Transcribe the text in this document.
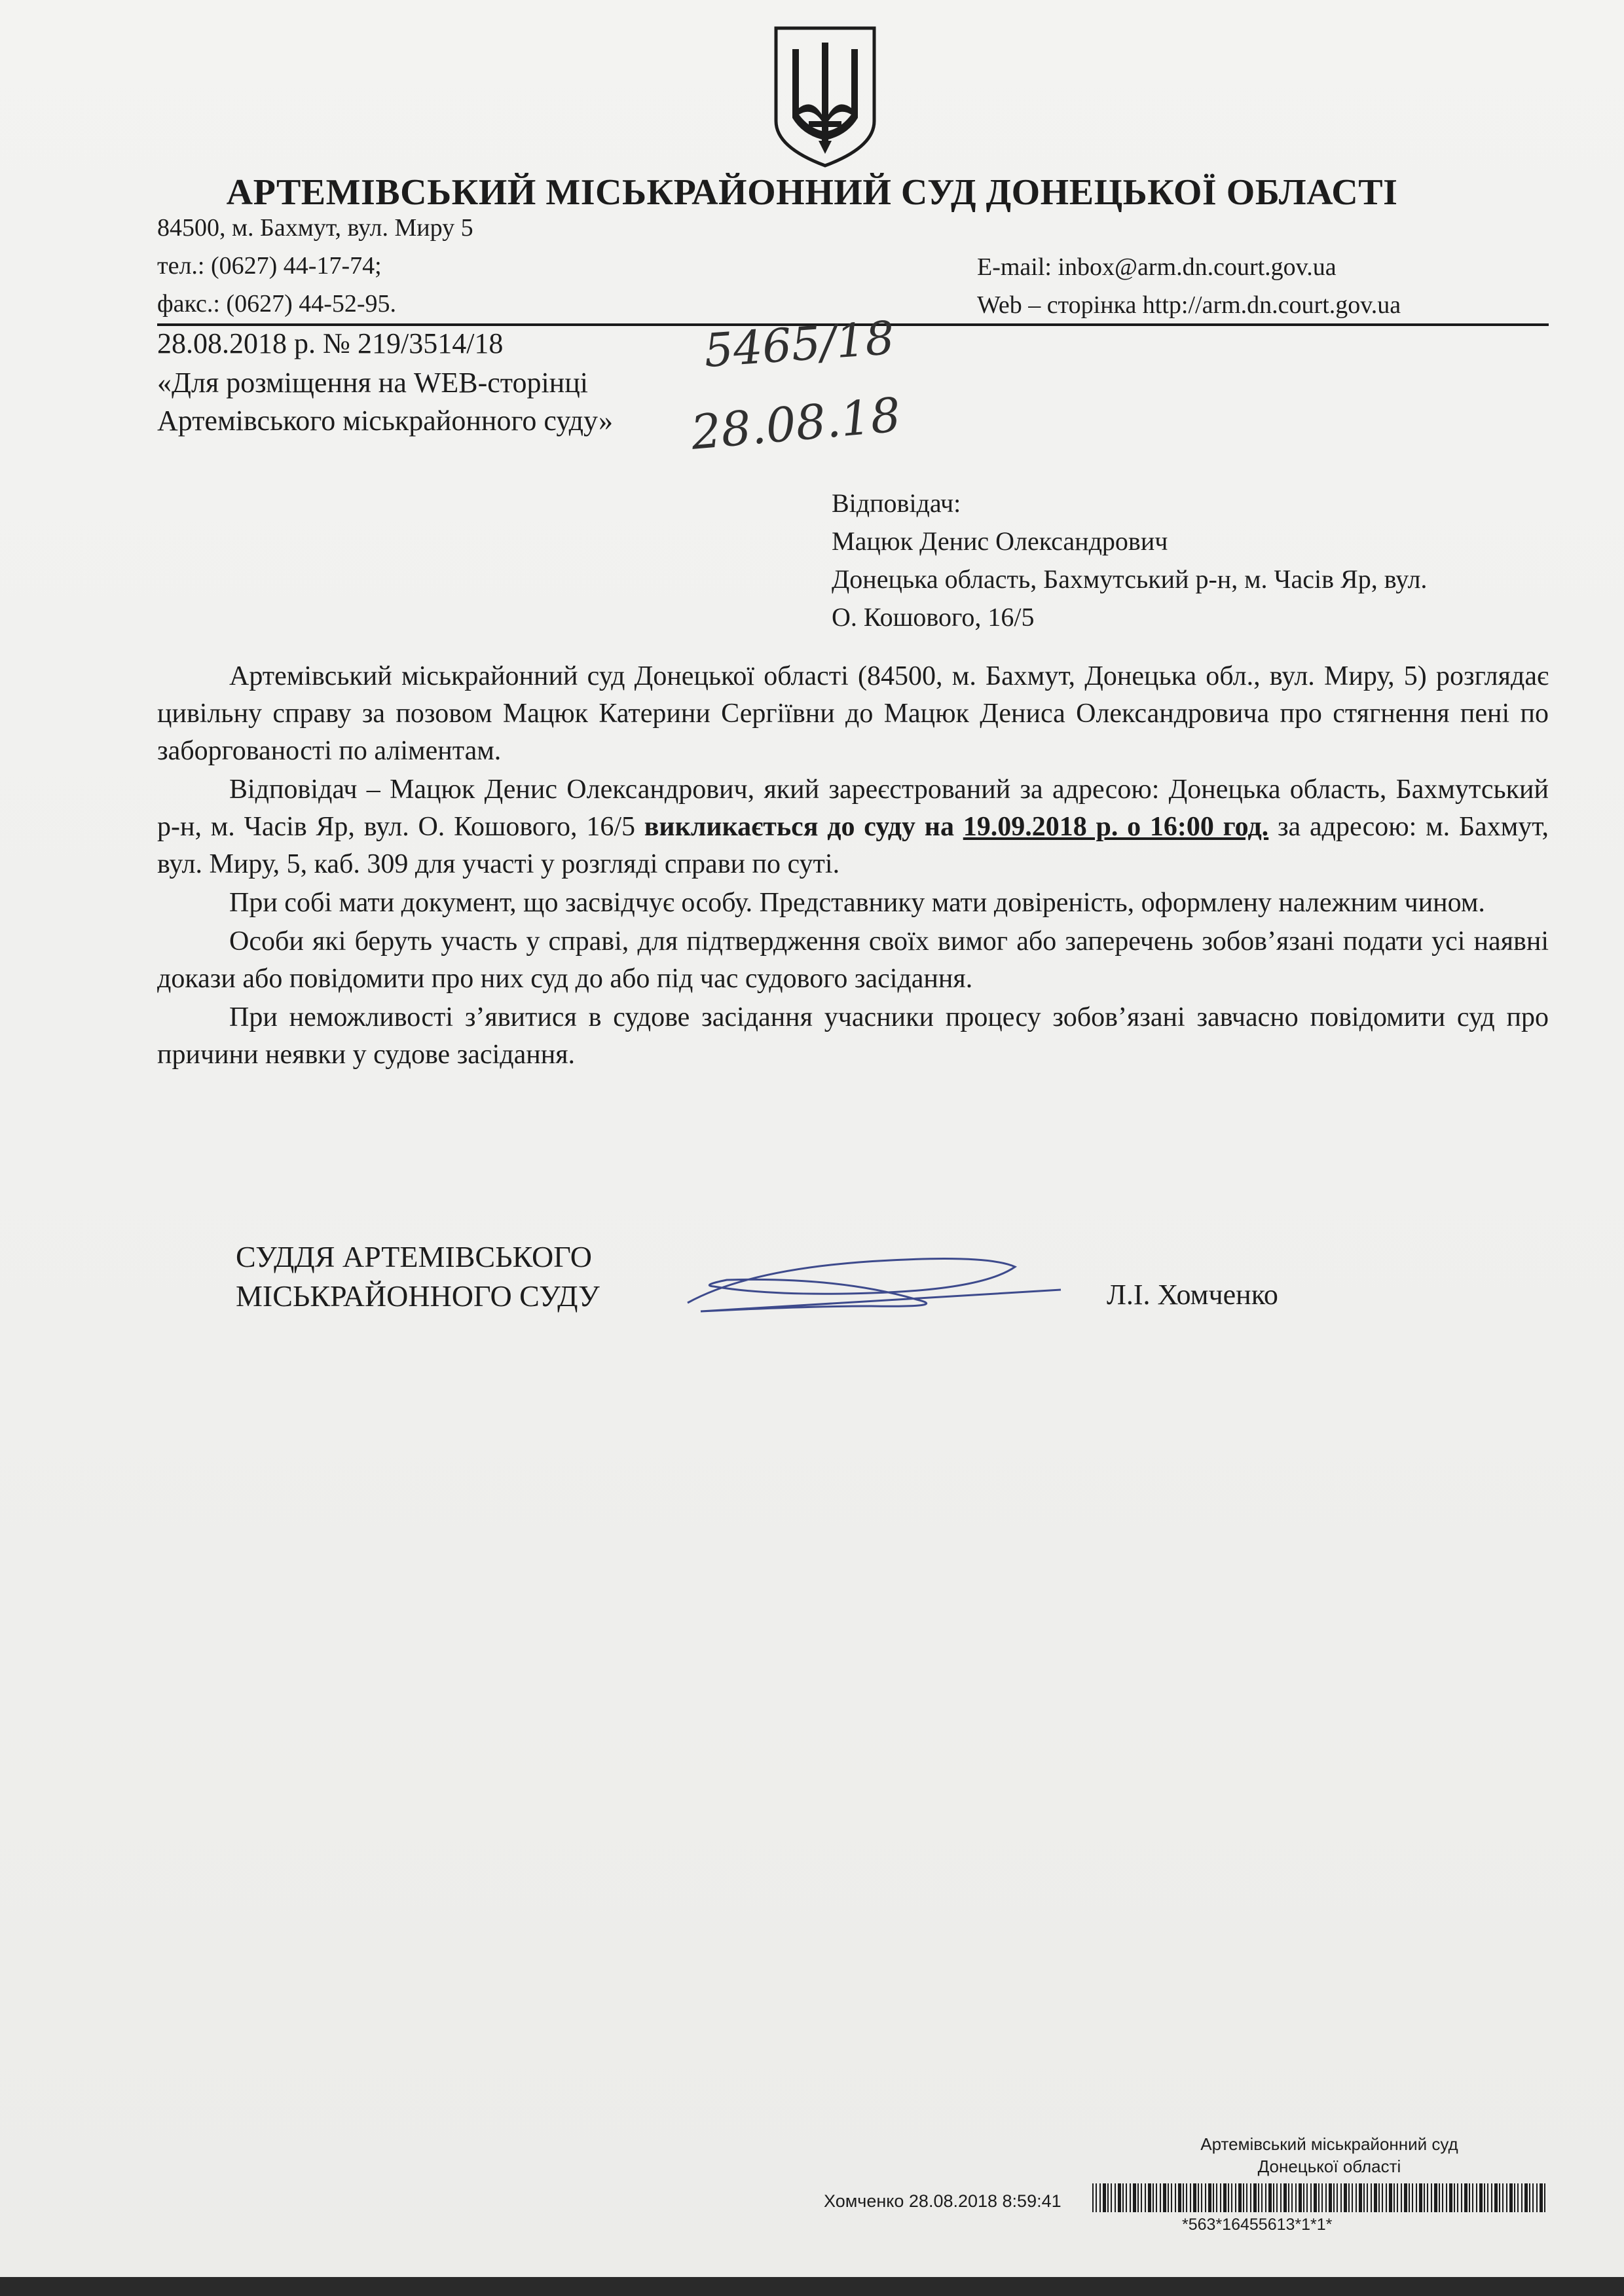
АРТЕМІВСЬКИЙ МІСЬКРАЙОННИЙ СУД ДОНЕЦЬКОЇ ОБЛАСТІ
84500, м. Бахмут, вул. Миру 5
тел.: (0627) 44-17-74;
факс.: (0627) 44-52-95.
E-mail: inbox@arm.dn.court.gov.ua
Web – сторінка http://arm.dn.court.gov.ua
28.08.2018 р. № 219/3514/18
«Для розміщення на WEB-сторінці
Артемівського міськрайонного суду»
5465/18
28.08.18
Відповідач:
Мацюк Денис Олександрович
Донецька область, Бахмутський р-н, м. Часів Яр, вул.
О. Кошового, 16/5

Артемівський міськрайонний суд Донецької області (84500, м. Бахмут, Донецька обл., вул. Миру, 5) розглядає цивільну справу за позовом Мацюк Катерини Сергіївни до Мацюк Дениса Олександровича про стягнення пені по заборгованості по аліментам.

Відповідач – Мацюк Денис Олександрович, який зареєстрований за адресою: Донецька область, Бахмутський р-н, м. Часів Яр, вул. О. Кошового, 16/5 викликається до суду на 19.09.2018 р. о 16:00 год. за адресою: м. Бахмут, вул. Миру, 5, каб. 309 для участі у розгляді справи по суті.

При собі мати документ, що засвідчує особу. Представнику мати довіреність, оформлену належним чином.

Особи які беруть участь у справі, для підтвердження своїх вимог або заперечень зобов’язані подати усі наявні докази або повідомити про них суд до або під час судового засідання.

При неможливості з’явитися в судове засідання учасники процесу зобов’язані завчасно повідомити суд про причини неявки у судове засідання.

СУДДЯ АРТЕМІВСЬКОГО
МІСЬКРАЙОННОГО СУДУ	Л.І. Хомченко
Артемівський міськрайонний суд
Донецької області
Хомченко 28.08.2018 8:59:41
*563*16455613*1*1*
